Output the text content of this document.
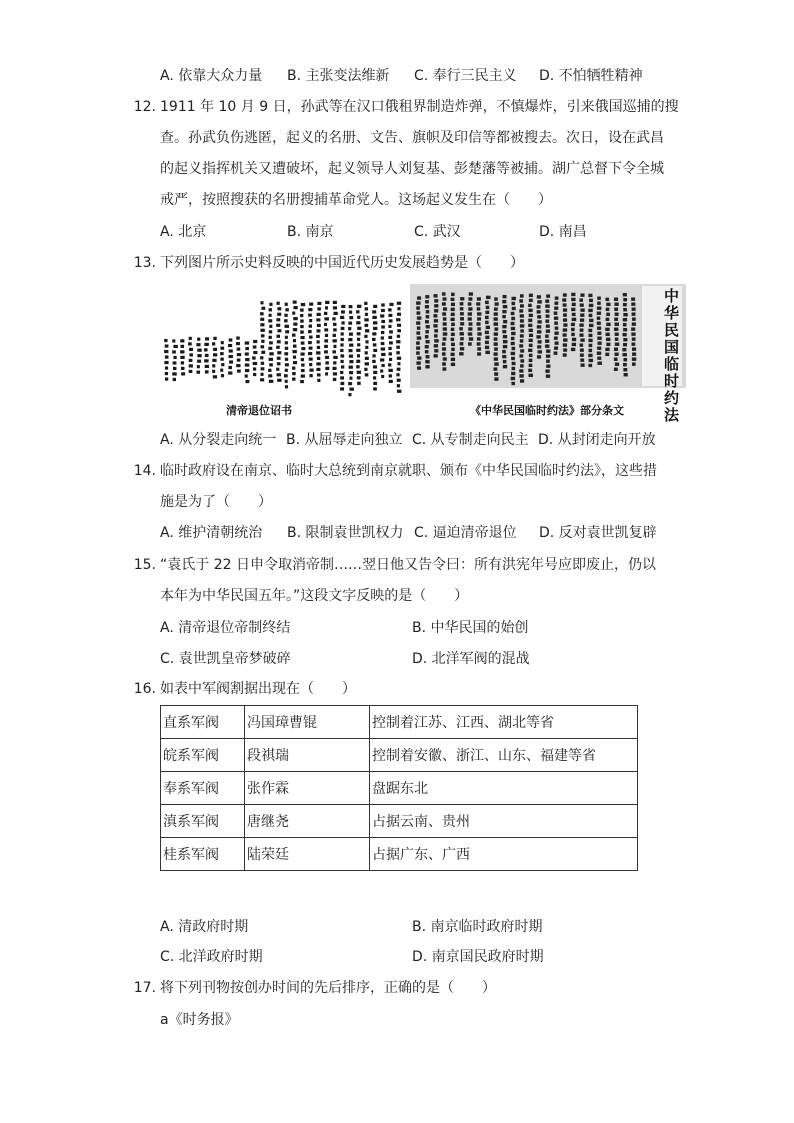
A. 依靠大众力量 B. 主张变法维新 C. 奉行三民主义 D. 不怕牺牲精神
12. 1911 年 10 月 9 日，孙武等在汉口俄租界制造炸弹，不慎爆炸，引来俄国巡捕的搜
查。孙武负伤逃匿，起义的名册、文告、旗帜及印信等都被搜去。次日，设在武昌
的起义指挥机关又遭破坏，起义领导人刘复基、彭楚藩等被捕。湖广总督下令全城
戒严，按照搜获的名册搜捕革命党人。这场起义发生在（　　）
A. 北京	B. 南京	C. 武汉	D. 南昌
13. 下列图片所示史料反映的中国近代历史发展趋势是（　　）
清帝退位诏书
中华民国临时约法
《中华民国临时约法》部分条文
A. 从分裂走向统一 B. 从屈辱走向独立 C. 从专制走向民主 D. 从封闭走向开放
14. 临时政府设在南京、临时大总统到南京就职、颁布《中华民国临时约法》，这些措
施是为了（　　）
A. 维护清朝统治 B. 限制袁世凯权力 C. 逼迫清帝退位 D. 反对袁世凯复辟
15. “袁氏于 22 日申令取消帝制……翌日他又告令曰：所有洪宪年号应即废止，仍以
本年为中华民国五年。”这段文字反映的是（　　）
A. 清帝退位帝制终结	B. 中华民国的始创
C. 袁世凯皇帝梦破碎	D. 北洋军阀的混战
16. 如表中军阀割据出现在（　　）
直系军阀	冯国璋曹锟	控制着江苏、江西、湖北等省
皖系军阀	段祺瑞	控制着安徽、浙江、山东、福建等省
奉系军阀	张作霖	盘踞东北
滇系军阀	唐继尧	占据云南、贵州
桂系军阀	陆荣廷	占据广东、广西
A. 清政府时期	B. 南京临时政府时期
C. 北洋政府时期	D. 南京国民政府时期
17. 将下列刊物按创办时间的先后排序，正确的是（　　）
a《时务报》
